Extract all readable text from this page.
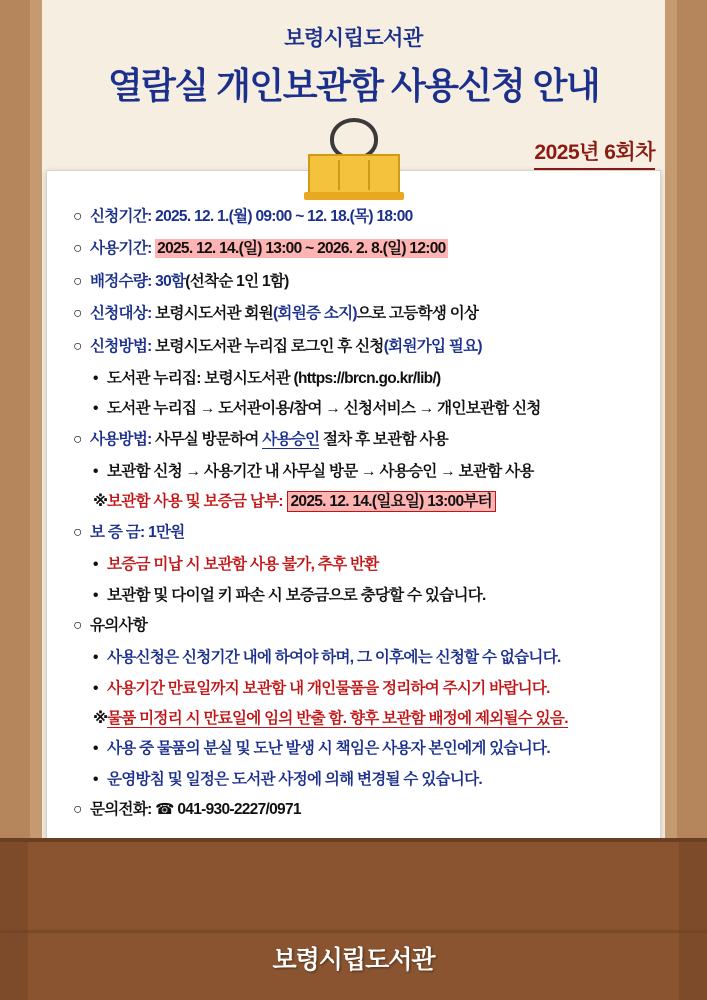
보령시립도서관
열람실 개인보관함 사용신청 안내
2025년 6회차
○ 신청기간: 2025. 12. 1.(월) 09:00 ~ 12. 18.(목) 18:00
○ 사용기간: 2025. 12. 14.(일) 13:00 ~ 2026. 2. 8.(일) 12:00
○ 배정수량: 30함(선착순 1인 1함)
○ 신청대상: 보령시도서관 회원(회원증 소지)으로 고등학생 이상
○ 신청방법: 보령시도서관 누리집 로그인 후 신청(회원가입 필요)
• 도서관 누리집: 보령시도서관 (https://brcn.go.kr/lib/)
• 도서관 누리집 → 도서관이용/참여 → 신청서비스 → 개인보관함 신청
○ 사용방법: 사무실 방문하여 사용승인 절차 후 보관함 사용
• 보관함 신청 → 사용기간 내 사무실 방문 → 사용승인 → 보관함 사용
※ 보관함 사용 및 보증금 납부: 2025. 12. 14.(일요일) 13:00부터
○ 보 증 금: 1만원
• 보증금 미납 시 보관함 사용 불가, 추후 반환
• 보관함 및 다이얼 키 파손 시 보증금으로 충당할 수 있습니다.
○ 유의사항
• 사용신청은 신청기간 내에 하여야 하며, 그 이후에는 신청할 수 없습니다.
• 사용기간 만료일까지 보관함 내 개인물품을 정리하여 주시기 바랍니다.
※ 물품 미정리 시 만료일에 임의 반출 함. 향후 보관함 배정에 제외될수 있음.
• 사용 중 물품의 분실 및 도난 발생 시 책임은 사용자 본인에게 있습니다.
• 운영방침 및 일정은 도서관 사정에 의해 변경될 수 있습니다.
○ 문의전화: ☎ 041-930-2227/0971
보령시립도서관
